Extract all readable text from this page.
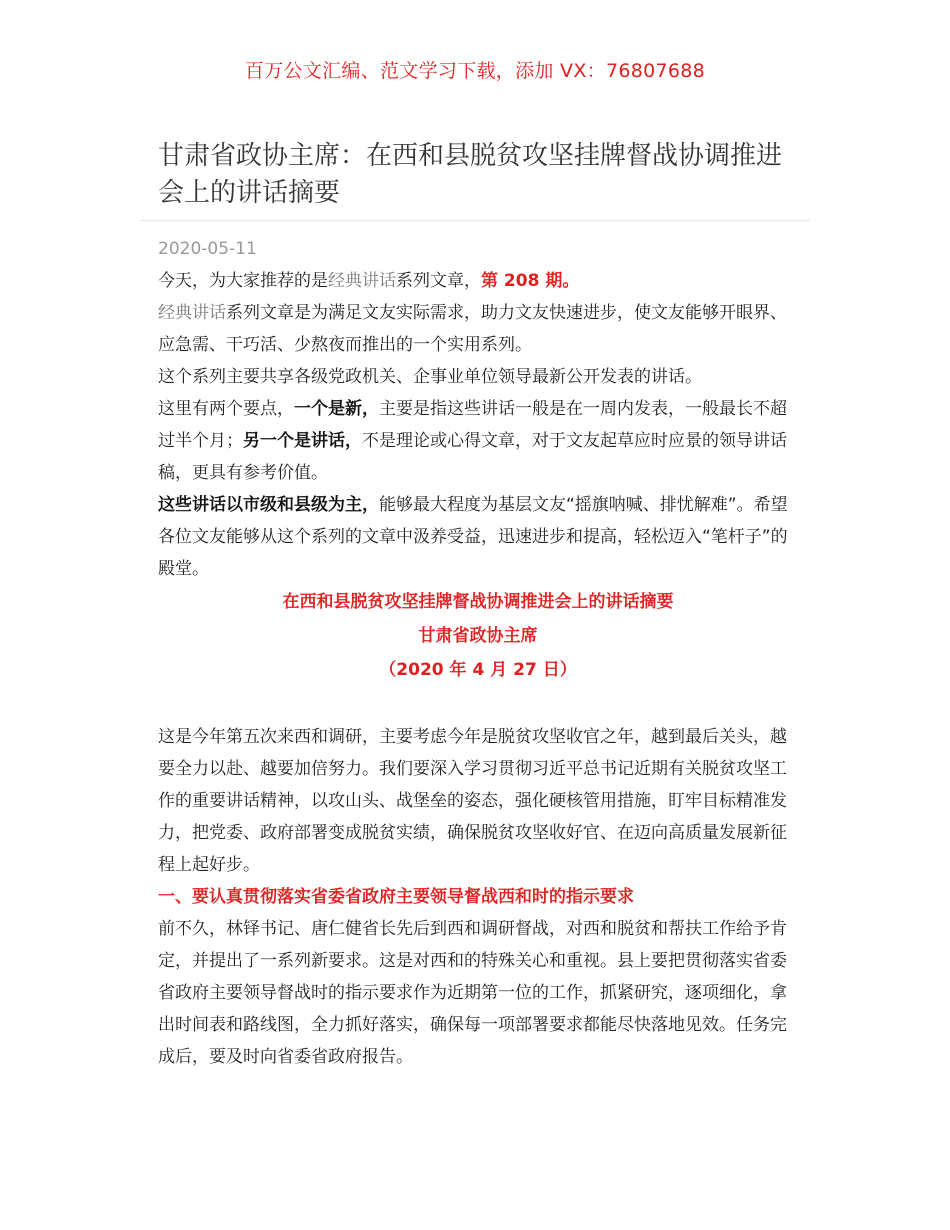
百万公文汇编、范文学习下载，添加 VX：76807688
甘肃省政协主席：在西和县脱贫攻坚挂牌督战协调推进会上的讲话摘要
2020-05-11

今天，为大家推荐的是经典讲话系列文章，第 208 期。

经典讲话系列文章是为满足文友实际需求，助力文友快速进步，使文友能够开眼界、应急需、干巧活、少熬夜而推出的一个实用系列。

这个系列主要共享各级党政机关、企事业单位领导最新公开发表的讲话。

这里有两个要点，一个是新，主要是指这些讲话一般是在一周内发表，一般最长不超过半个月；另一个是讲话，不是理论或心得文章，对于文友起草应时应景的领导讲话稿，更具有参考价值。

这些讲话以市级和县级为主，能够最大程度为基层文友“摇旗呐喊、排忧解难”。希望各位文友能够从这个系列的文章中汲养受益，迅速进步和提高，轻松迈入“笔杆子”的殿堂。

在西和县脱贫攻坚挂牌督战协调推进会上的讲话摘要
甘肃省政协主席
（2020 年 4 月 27 日）

这是今年第五次来西和调研，主要考虑今年是脱贫攻坚收官之年，越到最后关头，越要全力以赴、越要加倍努力。我们要深入学习贯彻习近平总书记近期有关脱贫攻坚工作的重要讲话精神，以攻山头、战堡垒的姿态，强化硬核管用措施，盯牢目标精准发力，把党委、政府部署变成脱贫实绩，确保脱贫攻坚收好官、在迈向高质量发展新征程上起好步。

一、要认真贯彻落实省委省政府主要领导督战西和时的指示要求

前不久，林铎书记、唐仁健省长先后到西和调研督战，对西和脱贫和帮扶工作给予肯定，并提出了一系列新要求。这是对西和的特殊关心和重视。县上要把贯彻落实省委省政府主要领导督战时的指示要求作为近期第一位的工作，抓紧研究，逐项细化，拿出时间表和路线图，全力抓好落实，确保每一项部署要求都能尽快落地见效。任务完成后，要及时向省委省政府报告。
